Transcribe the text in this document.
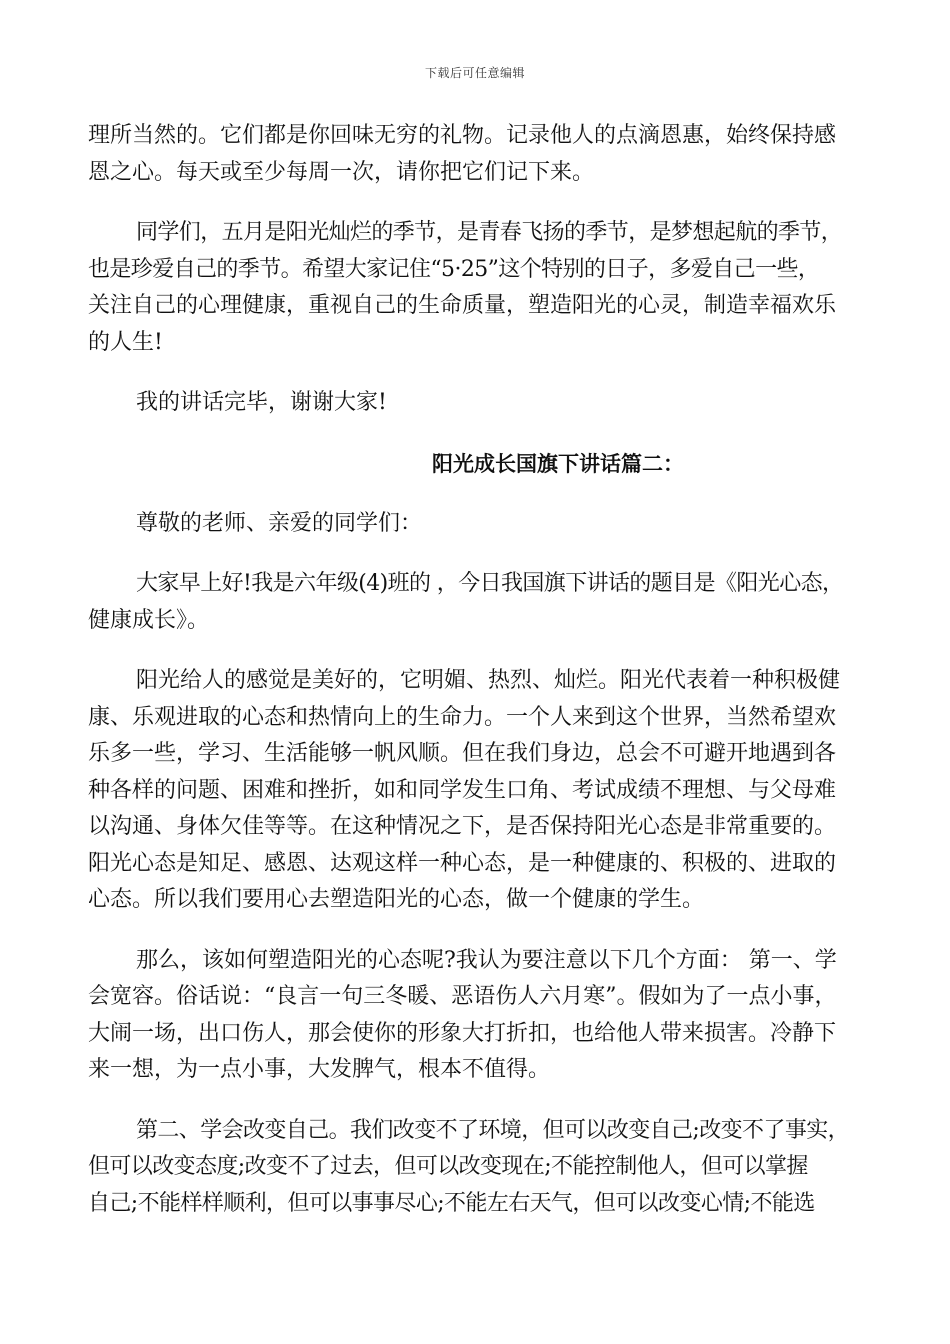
下载后可任意编辑

理所当然的。它们都是你回味无穷的礼物。记录他人的点滴恩惠，始终保持感
恩之心。每天或至少每周一次，请你把它们记下来。

同学们，五月是阳光灿烂的季节，是青春飞扬的季节，是梦想起航的季节，
也是珍爱自己的季节。希望大家记住“5·25”这个特别的日子，多爱自己一些，
关注自己的心理健康，重视自己的生命质量，塑造阳光的心灵，制造幸福欢乐
的人生!

我的讲话完毕，谢谢大家!

阳光成长国旗下讲话篇二：

尊敬的老师、亲爱的同学们：

大家早上好!我是六年级(4)班的 ，今日我国旗下讲话的题目是《阳光心态，
健康成长》。

阳光给人的感觉是美好的，它明媚、热烈、灿烂。阳光代表着一种积极健
康、乐观进取的心态和热情向上的生命力。一个人来到这个世界，当然希望欢
乐多一些，学习、生活能够一帆风顺。但在我们身边，总会不可避开地遇到各
种各样的问题、困难和挫折，如和同学发生口角、考试成绩不理想、与父母难
以沟通、身体欠佳等等。在这种情况之下，是否保持阳光心态是非常重要的。
阳光心态是知足、感恩、达观这样一种心态，是一种健康的、积极的、进取的
心态。所以我们要用心去塑造阳光的心态，做一个健康的学生。

那么，该如何塑造阳光的心态呢?我认为要注意以下几个方面： 第一、学
会宽容。俗话说：“良言一句三冬暖、恶语伤人六月寒”。假如为了一点小事，
大闹一场，出口伤人，那会使你的形象大打折扣，也给他人带来损害。冷静下
来一想，为一点小事，大发脾气，根本不值得。

第二、学会改变自己。我们改变不了环境，但可以改变自己;改变不了事实，
但可以改变态度;改变不了过去，但可以改变现在;不能控制他人，但可以掌握
自己;不能样样顺利，但可以事事尽心;不能左右天气，但可以改变心情;不能选
